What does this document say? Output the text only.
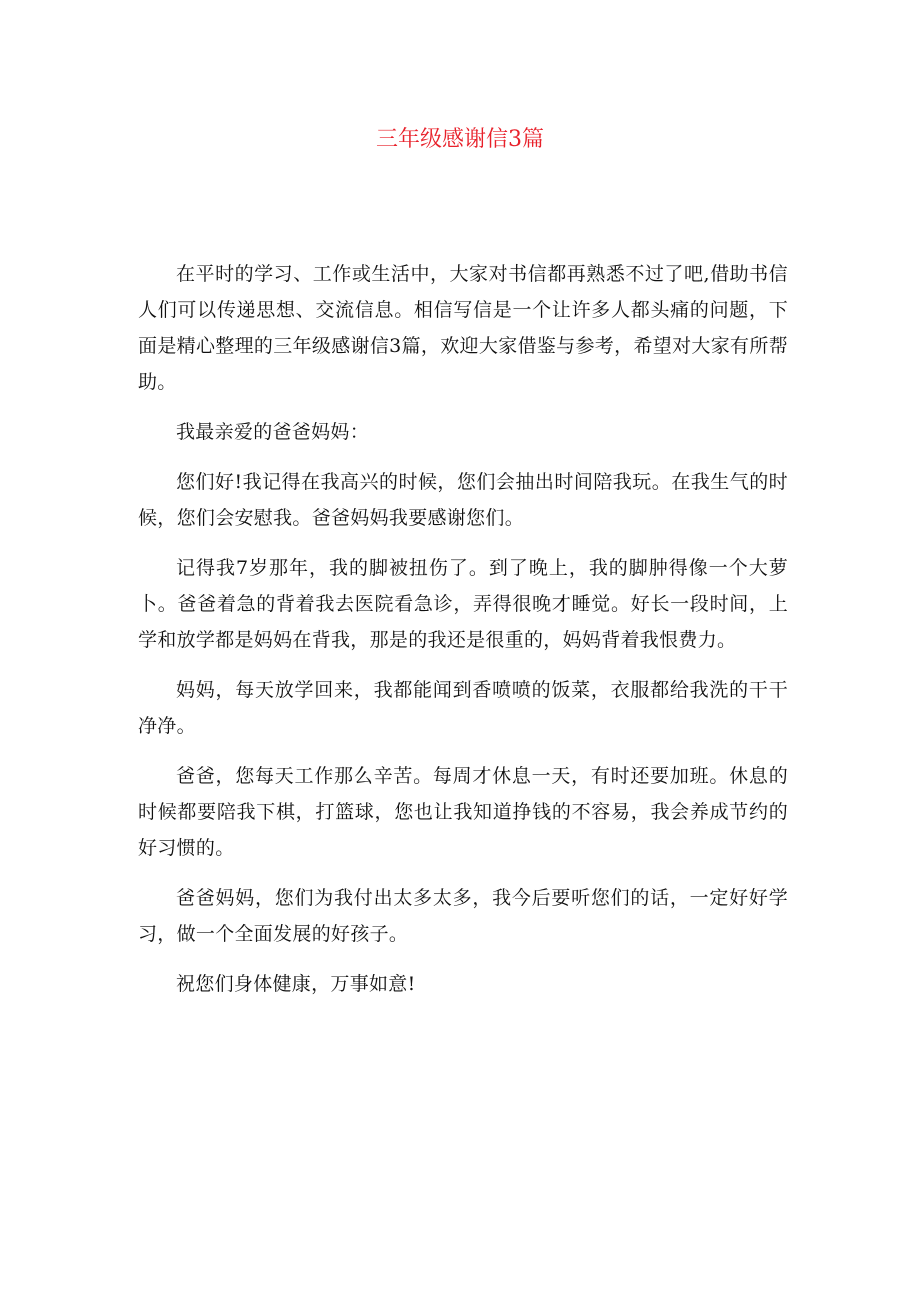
三年级感谢信3篇

在平时的学习、工作或生活中，大家对书信都再熟悉不过了吧,借助书信人们可以传递思想、交流信息。相信写信是一个让许多人都头痛的问题，下面是精心整理的三年级感谢信3篇，欢迎大家借鉴与参考，希望对大家有所帮助。

我最亲爱的爸爸妈妈：

您们好!我记得在我高兴的时候，您们会抽出时间陪我玩。在我生气的时候，您们会安慰我。爸爸妈妈我要感谢您们。

记得我7岁那年，我的脚被扭伤了。到了晚上，我的脚肿得像一个大萝卜。爸爸着急的背着我去医院看急诊，弄得很晚才睡觉。好长一段时间，上学和放学都是妈妈在背我，那是的我还是很重的，妈妈背着我恨费力。

妈妈，每天放学回来，我都能闻到香喷喷的饭菜，衣服都给我洗的干干净净。

爸爸，您每天工作那么辛苦。每周才休息一天，有时还要加班。休息的时候都要陪我下棋，打篮球，您也让我知道挣钱的不容易，我会养成节约的好习惯的。

爸爸妈妈，您们为我付出太多太多，我今后要听您们的话，一定好好学习，做一个全面发展的好孩子。

祝您们身体健康，万事如意!
